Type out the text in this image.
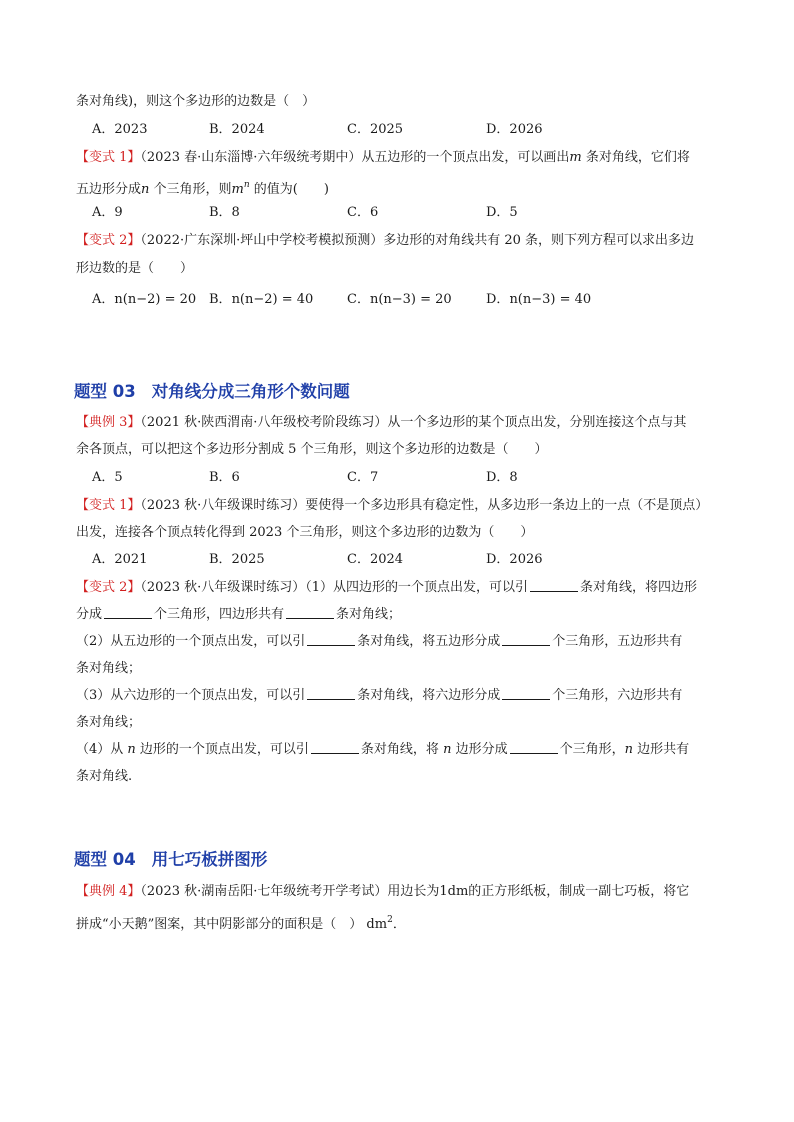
条对角线)，则这个多边形的边数是（　）
A．2023	B．2024	C．2025	D．2026
【变式 1】（2023 春·山东淄博·六年级统考期中）从五边形的一个顶点出发，可以画出m 条对角线，它们将
五边形分成n 个三角形，则$m^n$ 的值为(　　)
A．9	B．8	C．6	D．5
【变式 2】（2022·广东深圳·坪山中学校考模拟预测）多边形的对角线共有 20 条，则下列方程可以求出多边
形边数的是（　　）
A．n(n−2) = 20 B．n(n−2) = 40	C．n(n−3) = 20	D．n(n−3) = 40
题型 03 对角线分成三角形个数问题
【典例 3】（2021 秋·陕西渭南·八年级校考阶段练习）从一个多边形的某个顶点出发，分别连接这个点与其
余各顶点，可以把这个多边形分割成 5 个三角形，则这个多边形的边数是（　　）
A．5	B．6	C．7	D．8
【变式 1】（2023 秋·八年级课时练习）要使得一个多边形具有稳定性，从多边形一条边上的一点（不是顶点）
出发，连接各个顶点转化得到 2023 个三角形，则这个多边形的边数为（　　）
A．2021	B．2025	C．2024	D．2026
【变式 2】（2023 秋·八年级课时练习）（1）从四边形的一个顶点出发，可以引	条对角线，将四边形
分成	个三角形，四边形共有	条对角线；
（2）从五边形的一个顶点出发，可以引	条对角线，将五边形分成	个三角形，五边形共有
条对角线；
（3）从六边形的一个顶点出发，可以引	条对角线，将六边形分成	个三角形，六边形共有
条对角线；
（4）从 n 边形的一个顶点出发，可以引	条对角线，将 n 边形分成	个三角形，n 边形共有
条对角线.
题型 04 用七巧板拼图形
【典例 4】（2023 秋·湖南岳阳·七年级统考开学考试）用边长为1dm的正方形纸板，制成一副七巧板，将它
拼成“小天鹅”图案，其中阴影部分的面积是（　） $dm^2$．
